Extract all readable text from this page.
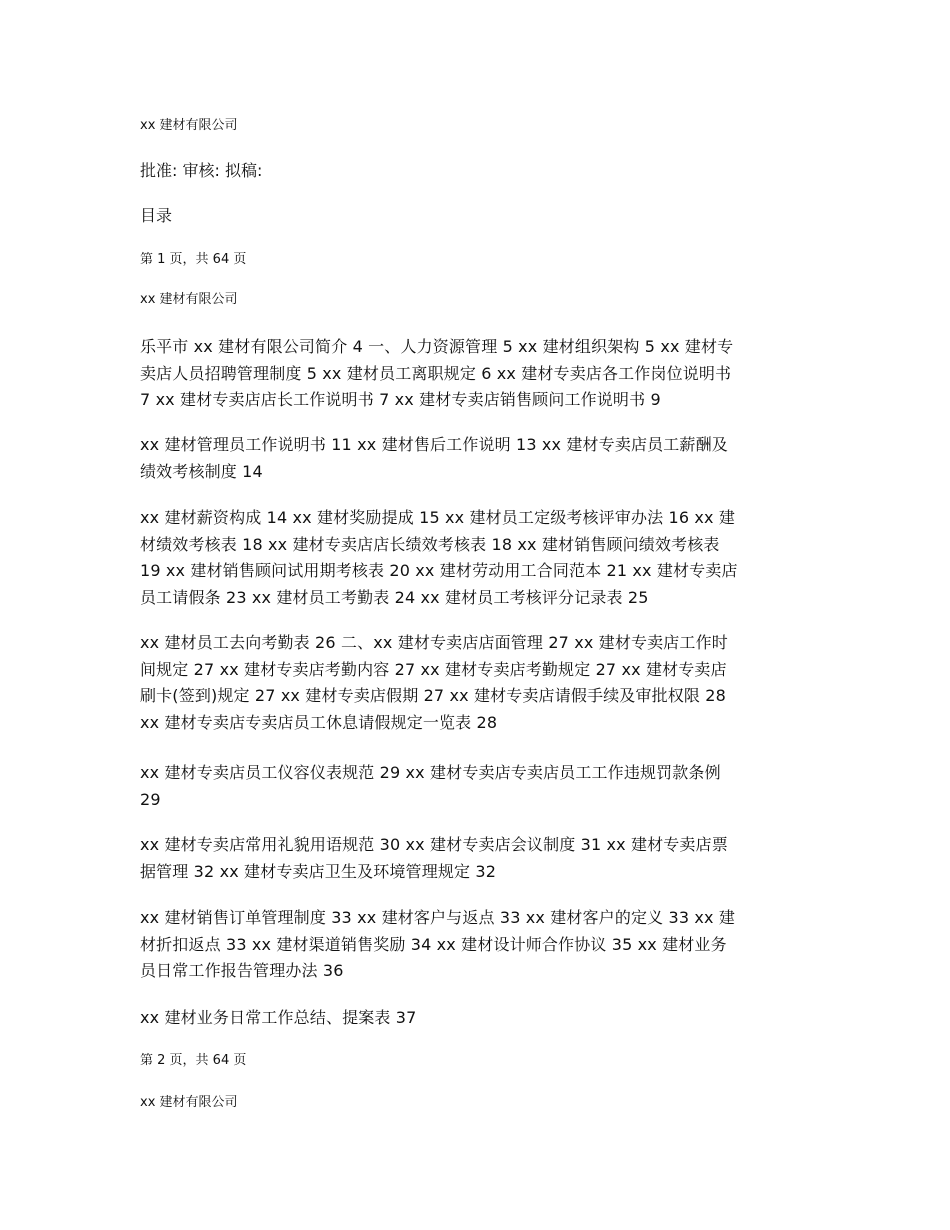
xx 建材有限公司

批准: 审核: 拟稿:

目录

第 1 页，共 64 页

xx 建材有限公司

乐平市 xx 建材有限公司简介 4 一、人力资源管理 5 xx 建材组织架构 5 xx 建材专
卖店人员招聘管理制度 5 xx 建材员工离职规定 6 xx 建材专卖店各工作岗位说明书
7 xx 建材专卖店店长工作说明书 7 xx 建材专卖店销售顾问工作说明书 9
xx 建材管理员工作说明书 11 xx 建材售后工作说明 13 xx 建材专卖店员工薪酬及
绩效考核制度 14
xx 建材薪资构成 14 xx 建材奖励提成 15 xx 建材员工定级考核评审办法 16 xx 建
材绩效考核表 18 xx 建材专卖店店长绩效考核表 18 xx 建材销售顾问绩效考核表
19 xx 建材销售顾问试用期考核表 20 xx 建材劳动用工合同范本 21 xx 建材专卖店
员工请假条 23 xx 建材员工考勤表 24 xx 建材员工考核评分记录表 25
xx 建材员工去向考勤表 26 二、xx 建材专卖店店面管理 27 xx 建材专卖店工作时
间规定 27 xx 建材专卖店考勤内容 27 xx 建材专卖店考勤规定 27 xx 建材专卖店
刷卡(签到)规定 27 xx 建材专卖店假期 27 xx 建材专卖店请假手续及审批权限 28
xx 建材专卖店专卖店员工休息请假规定一览表 28
xx 建材专卖店员工仪容仪表规范 29 xx 建材专卖店专卖店员工工作违规罚款条例
29
xx 建材专卖店常用礼貌用语规范 30 xx 建材专卖店会议制度 31 xx 建材专卖店票
据管理 32 xx 建材专卖店卫生及环境管理规定 32
xx 建材销售订单管理制度 33 xx 建材客户与返点 33 xx 建材客户的定义 33 xx 建
材折扣返点 33 xx 建材渠道销售奖励 34 xx 建材设计师合作协议 35 xx 建材业务
员日常工作报告管理办法 36
xx 建材业务日常工作总结、提案表 37

第 2 页，共 64 页

xx 建材有限公司
